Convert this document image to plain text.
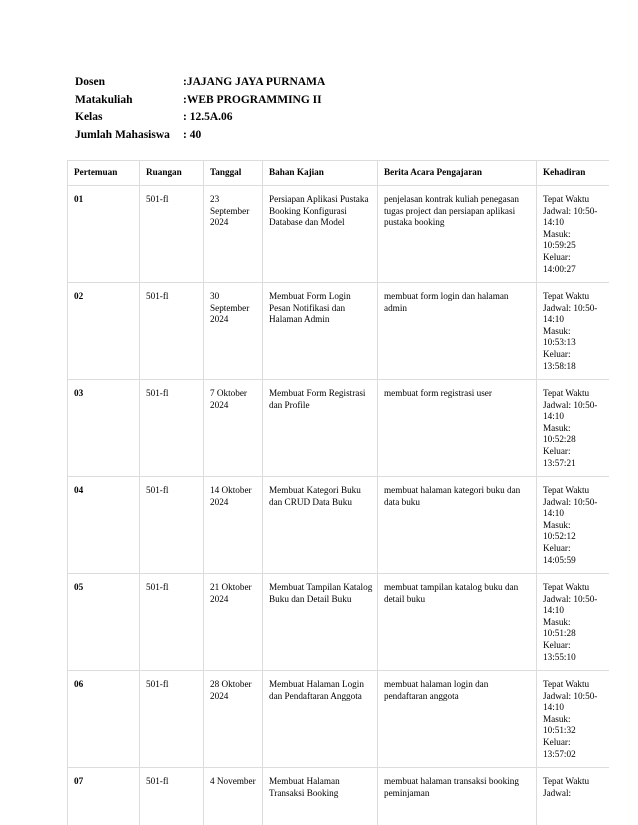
Dosen	:JAJANG JAYA PURNAMA
Matakuliah	:WEB PROGRAMMING II
Kelas	: 12.5A.06
Jumlah Mahasiswa	: 40
Pertemuan	Ruangan	Tanggal	Bahan Kajian	Berita Acara Pengajaran	Kehadiran
01	501-fl	23 September 2024	Persiapan Aplikasi Pustaka Booking Konfigurasi Database dan Model	penjelasan kontrak kuliah penegasan tugas project dan persiapan aplikasi pustaka booking	Tepat Waktu
Jadwal: 10:50-14:10
Masuk: 10:59:25
Keluar: 14:00:27

02	501-fl	30 September 2024	Membuat Form Login Pesan Notifikasi dan Halaman Admin	membuat form login dan halaman admin	Tepat Waktu
Jadwal: 10:50-14:10
Masuk: 10:53:13
Keluar: 13:58:18

03	501-fl	7 Oktober 2024	Membuat Form Registrasi dan Profile	membuat form registrasi user	Tepat Waktu
Jadwal: 10:50-14:10
Masuk: 10:52:28
Keluar: 13:57:21

04	501-fl	14 Oktober 2024	Membuat Kategori Buku dan CRUD Data Buku	membuat halaman kategori buku dan data buku	Tepat Waktu
Jadwal: 10:50-14:10
Masuk: 10:52:12
Keluar: 14:05:59

05	501-fl	21 Oktober 2024	Membuat Tampilan Katalog Buku dan Detail Buku	membuat tampilan katalog buku dan detail buku	Tepat Waktu
Jadwal: 10:50-14:10
Masuk: 10:51:28
Keluar: 13:55:10

06	501-fl	28 Oktober 2024	Membuat Halaman Login dan Pendaftaran Anggota	membuat halaman login dan pendaftaran anggota	Tepat Waktu
Jadwal: 10:50-14:10
Masuk: 10:51:32
Keluar: 13:57:02

07	501-fl	4 November	Membuat Halaman Transaksi Booking	membuat halaman transaksi booking peminjaman	Tepat Waktu
Jadwal:
